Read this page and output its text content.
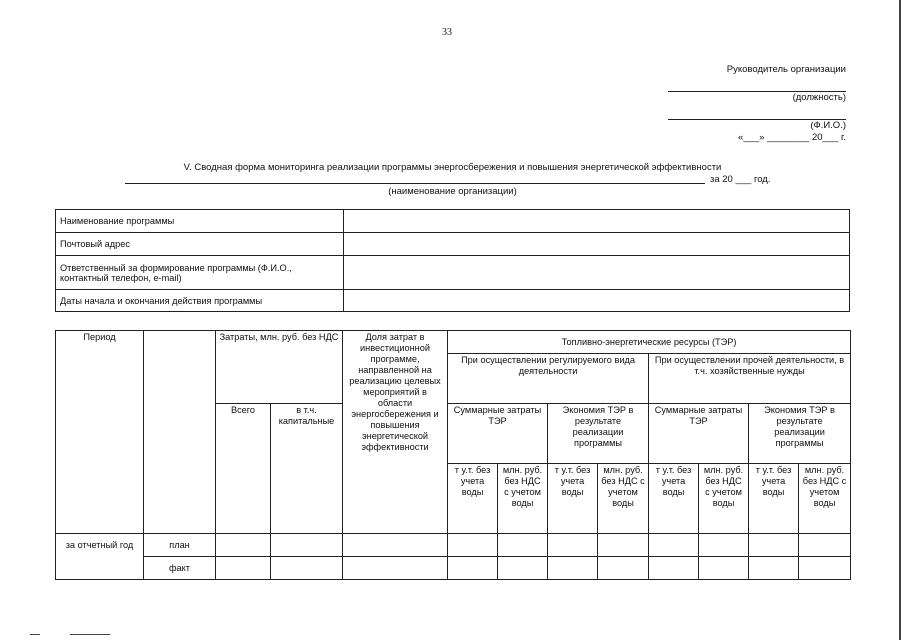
33
Руководитель организации
(должность)
(Ф.И.О.)
«___» ________ 20___ г.
V. Сводная форма мониторинга реализации программы энергосбережения и повышения энергетической эффективности
за 20 ___ год.
(наименование организации)
Наименование программы	
Почтовый адрес	
Ответственный за формирование программы (Ф.И.О., контактный телефон, e-mail)	
Даты начала и окончания действия программы	
Период		Затраты, млн. руб. без НДС		Доля затрат в инвестиционной программе, направленной на реализацию целевых мероприятий в области энергосбережения и повышения энергетической эффективности	Топливно-энергетические ресурсы (ТЭР)							
					При осуществлении регулируемого вида деятельности				При осуществлении прочей деятельности, в т.ч. хозяйственные нужды			
		Всего	в т.ч. капитальные		Суммарные затраты ТЭР		Экономия ТЭР в результате реализации программы		Суммарные затраты ТЭР		Экономия ТЭР в результате реализации программы	
					т у.т. без учета воды	млн. руб. без НДС с учетом воды	т у.т. без учета воды	млн. руб. без НДС с учетом воды	т у.т. без учета воды	млн. руб. без НДС с учетом воды	т у.т. без учета воды	млн. руб. без НДС с учетом воды
за отчетный год	план											
	факт											
